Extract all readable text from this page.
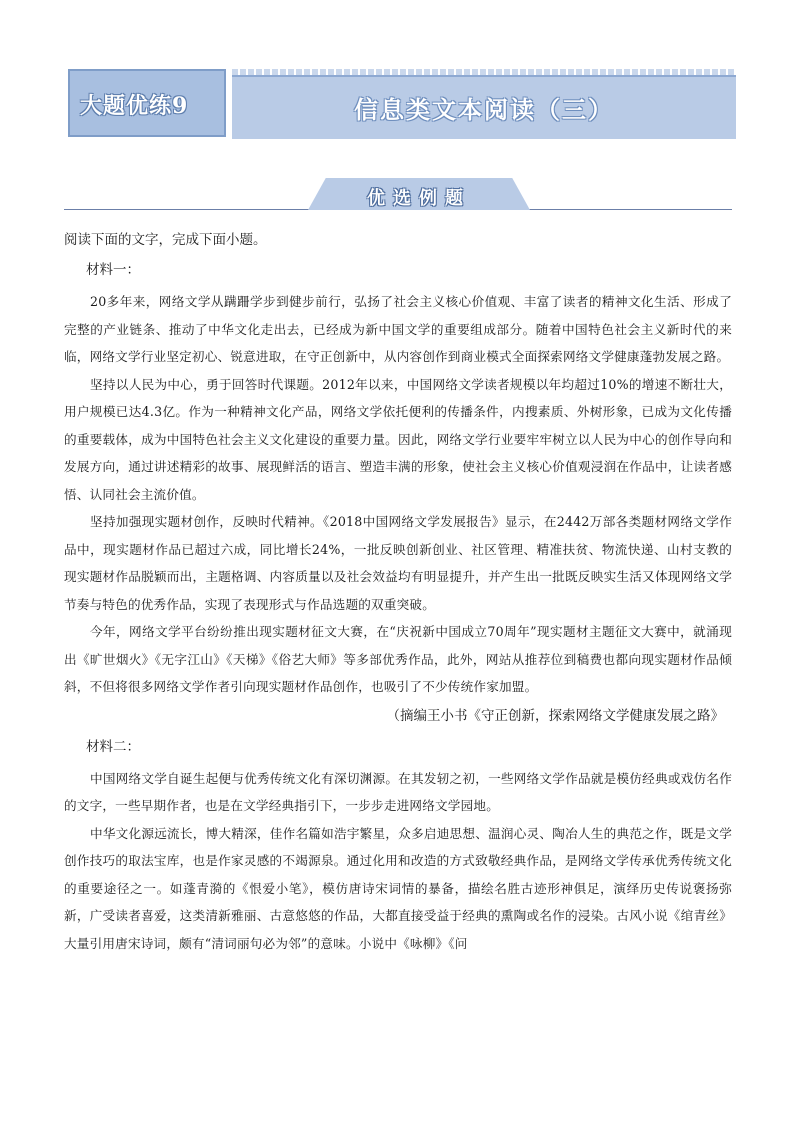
大题优练9	信息类文本阅读（三）
优选例题

阅读下面的文字，完成下面小题。

材料一：

20多年来，网络文学从蹒跚学步到健步前行，弘扬了社会主义核心价值观、丰富了读者的精神文化生活、形成了完整的产业链条、推动了中华文化走出去，已经成为新中国文学的重要组成部分。随着中国特色社会主义新时代的来临，网络文学行业坚定初心、锐意进取，在守正创新中，从内容创作到商业模式全面探索网络文学健康蓬勃发展之路。

坚持以人民为中心，勇于回答时代课题。2012年以来，中国网络文学读者规模以年均超过10%的增速不断壮大，用户规模已达4.3亿。作为一种精神文化产品，网络文学依托便利的传播条件，内搜素质、外树形象，已成为文化传播的重要载体，成为中国特色社会主义文化建设的重要力量。因此，网络文学行业要牢牢树立以人民为中心的创作导向和发展方向，通过讲述精彩的故事、展现鲜活的语言、塑造丰满的形象，使社会主义核心价值观浸润在作品中，让读者感悟、认同社会主流价值。

坚持加强现实题材创作，反映时代精神。《2018中国网络文学发展报告》显示，在2442万部各类题材网络文学作品中，现实题材作品已超过六成，同比增长24%，一批反映创新创业、社区管理、精准扶贫、物流快递、山村支教的现实题材作品脱颖而出，主题格调、内容质量以及社会效益均有明显提升，并产生出一批既反映实生活又体现网络文学节奏与特色的优秀作品，实现了表现形式与作品选题的双重突破。

今年，网络文学平台纷纷推出现实题材征文大赛，在“庆祝新中国成立70周年”现实题材主题征文大赛中，就涌现出《旷世烟火》《无字江山》《天梯》《俗艺大师》等多部优秀作品，此外，网站从推荐位到稿费也都向现实题材作品倾斜，不但将很多网络文学作者引向现实题材作品创作，也吸引了不少传统作家加盟。

（摘编王小书《守正创新，探索网络文学健康发展之路》

材料二：

中国网络文学自诞生起便与优秀传统文化有深切渊源。在其发轫之初，一些网络文学作品就是模仿经典或戏仿名作的文字，一些早期作者，也是在文学经典指引下，一步步走进网络文学园地。

中华文化源远流长，博大精深，佳作名篇如浩宇繁星，众多启迪思想、温润心灵、陶冶人生的典范之作，既是文学创作技巧的取法宝库，也是作家灵感的不竭源泉。通过化用和改造的方式致敬经典作品，是网络文学传承优秀传统文化的重要途径之一。如蓬青漪的《恨爱小笔》，模仿唐诗宋词情的暴备，描绘名胜古迹形神俱足，演绎历史传说褒扬弥新，广受读者喜爱，这类清新雅丽、古意悠悠的作品，大都直接受益于经典的熏陶或名作的浸染。古风小说《绾青丝》大量引用唐宋诗词，颇有“清词丽句必为邻”的意味。小说中《咏柳》《问
